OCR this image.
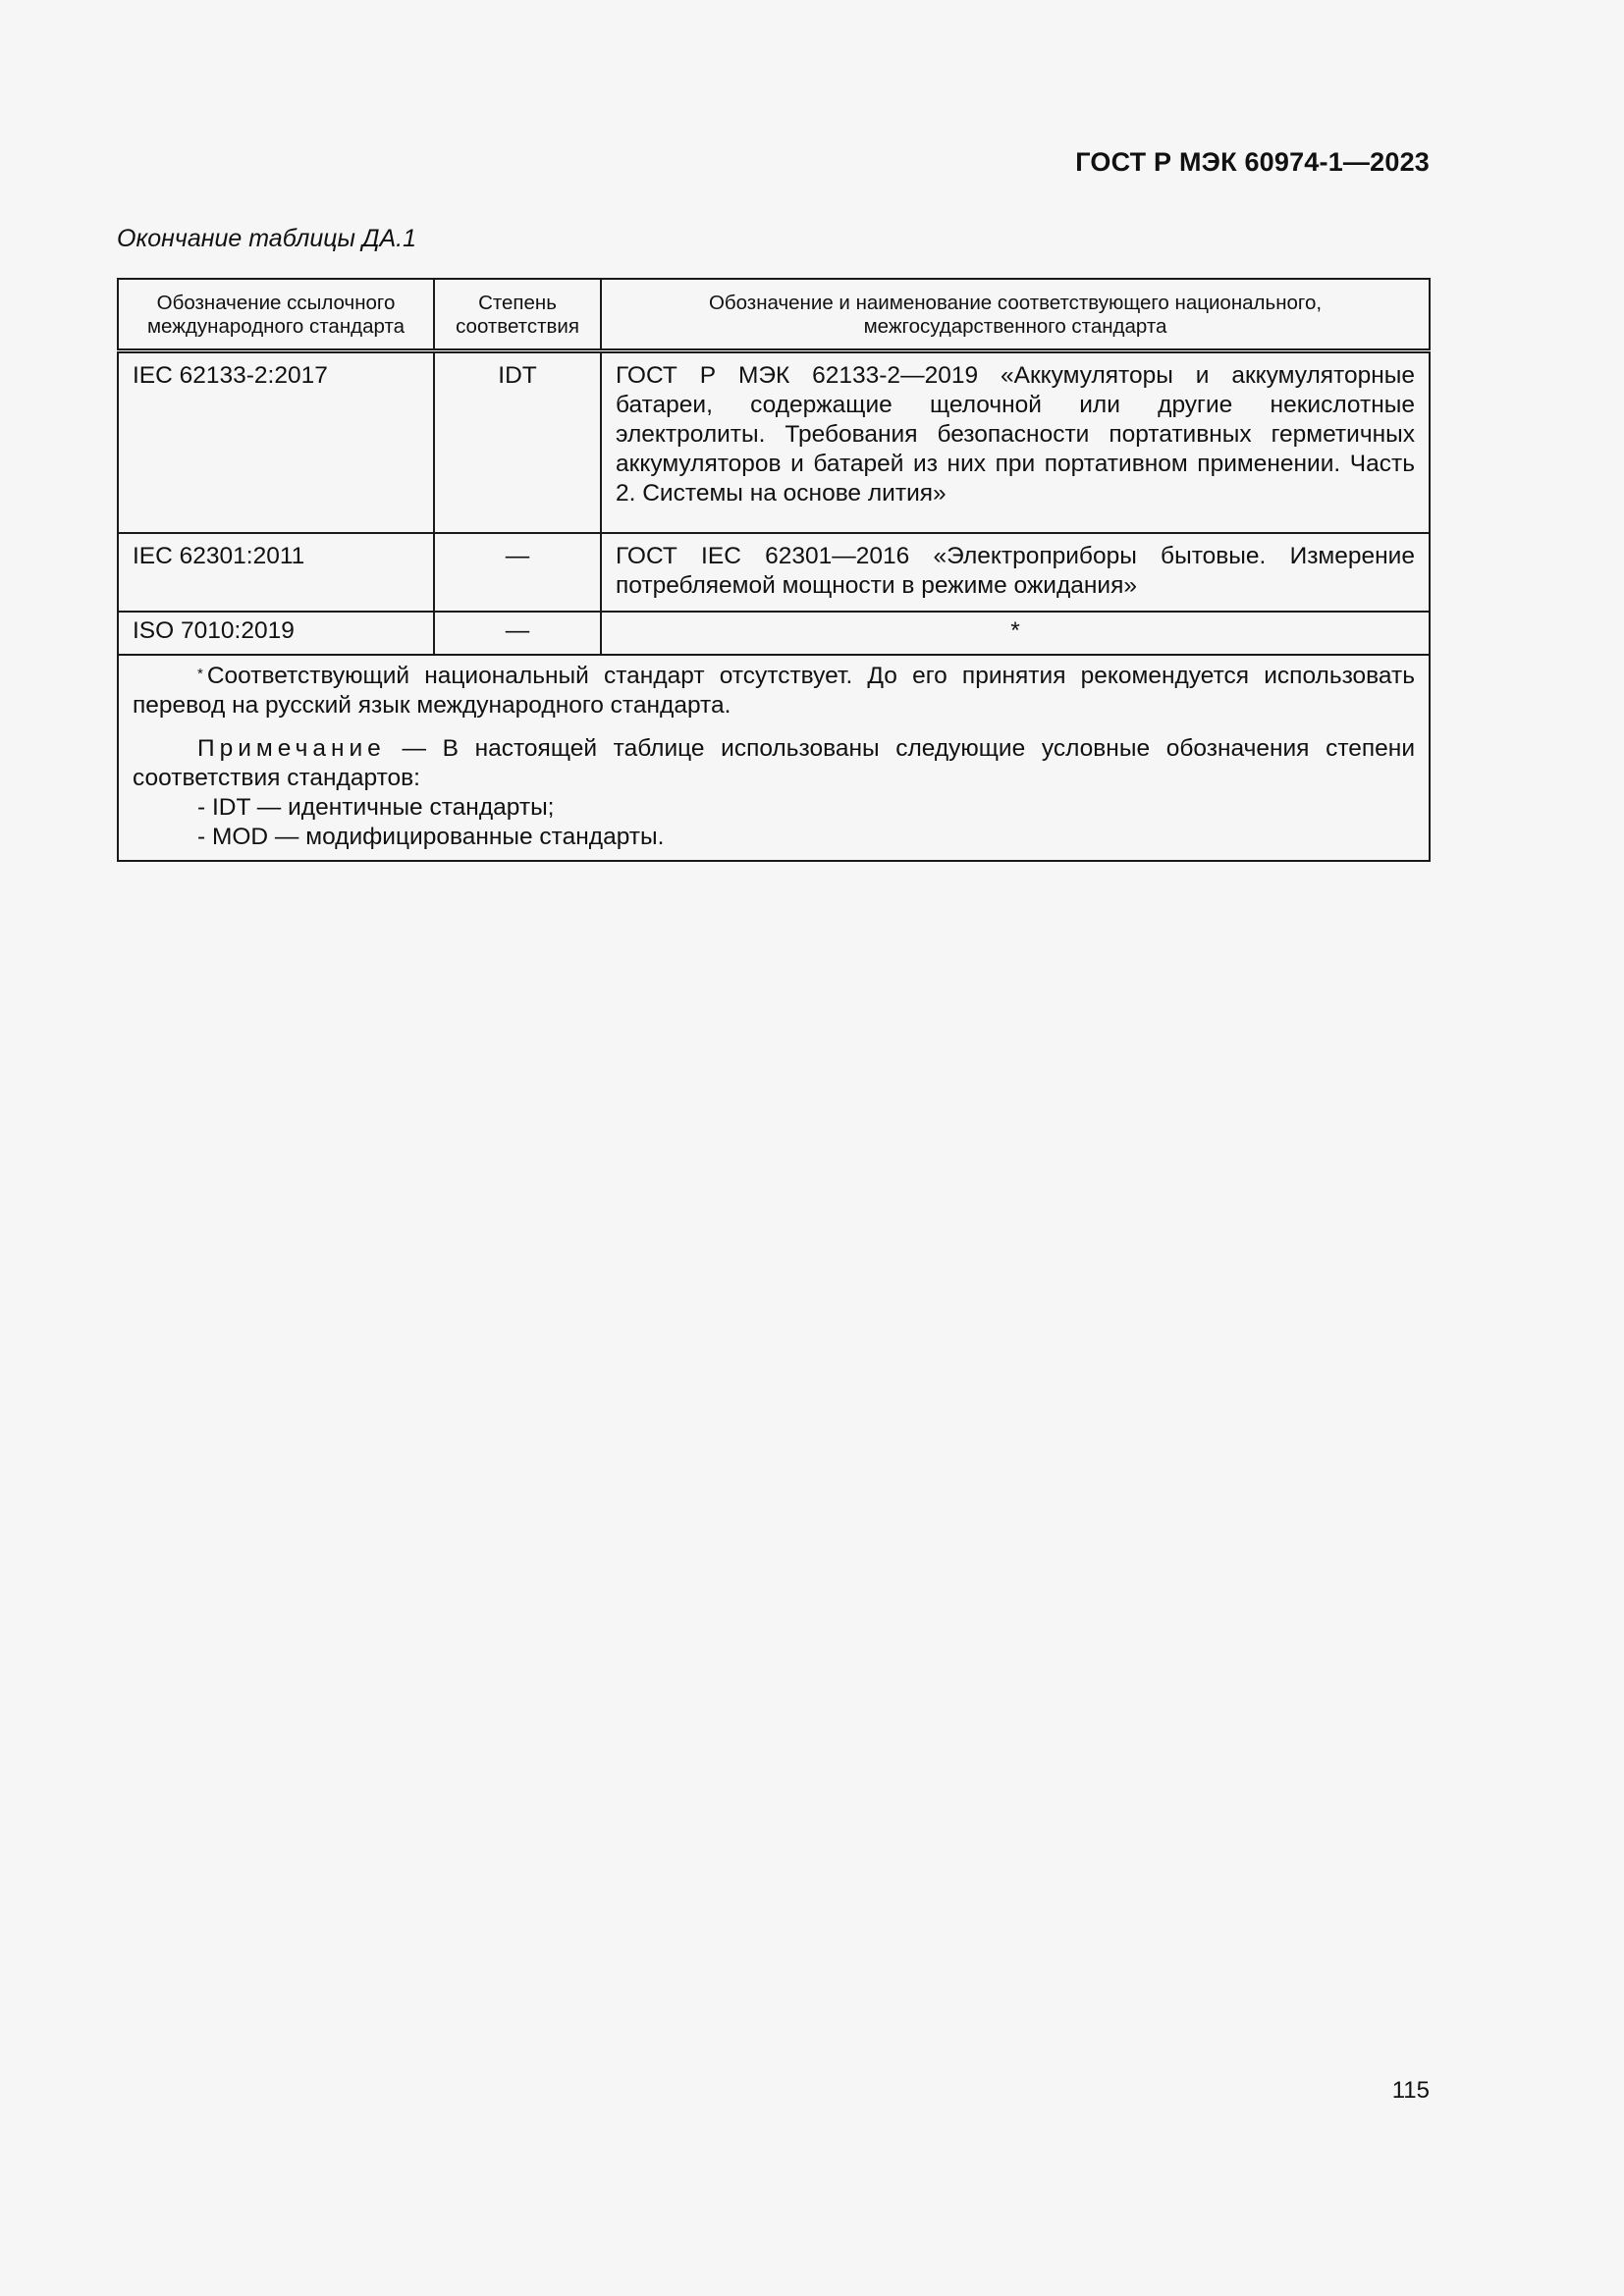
ГОСТ Р МЭК 60974-1—2023
Окончание таблицы ДА.1
Обозначение ссылочного международного стандарта	Степень соответствия	Обозначение и наименование соответствующего национального, межгосударственного стандарта
IEC 62133-2:2017	IDT	ГОСТ Р МЭК 62133-2—2019 «Аккумуляторы и аккумуляторные батареи, содержащие щелочной или другие некислотные электролиты. Требования безопасности портативных герметичных аккумуляторов и батарей из них при портативном применении. Часть 2. Системы на основе лития»
IEC 62301:2011	—	ГОСТ IEC 62301—2016 «Электроприборы бытовые. Измерение потребляемой мощности в режиме ожидания»
ISO 7010:2019	—	*

* Соответствующий национальный стандарт отсутствует. До его принятия рекомендуется использовать перевод на русский язык международного стандарта.

Примечание — В настоящей таблице использованы следующие условные обозначения степени соответствия стандартов:

- IDT — идентичные стандарты;

- MOD — модифицированные стандарты.		

115
